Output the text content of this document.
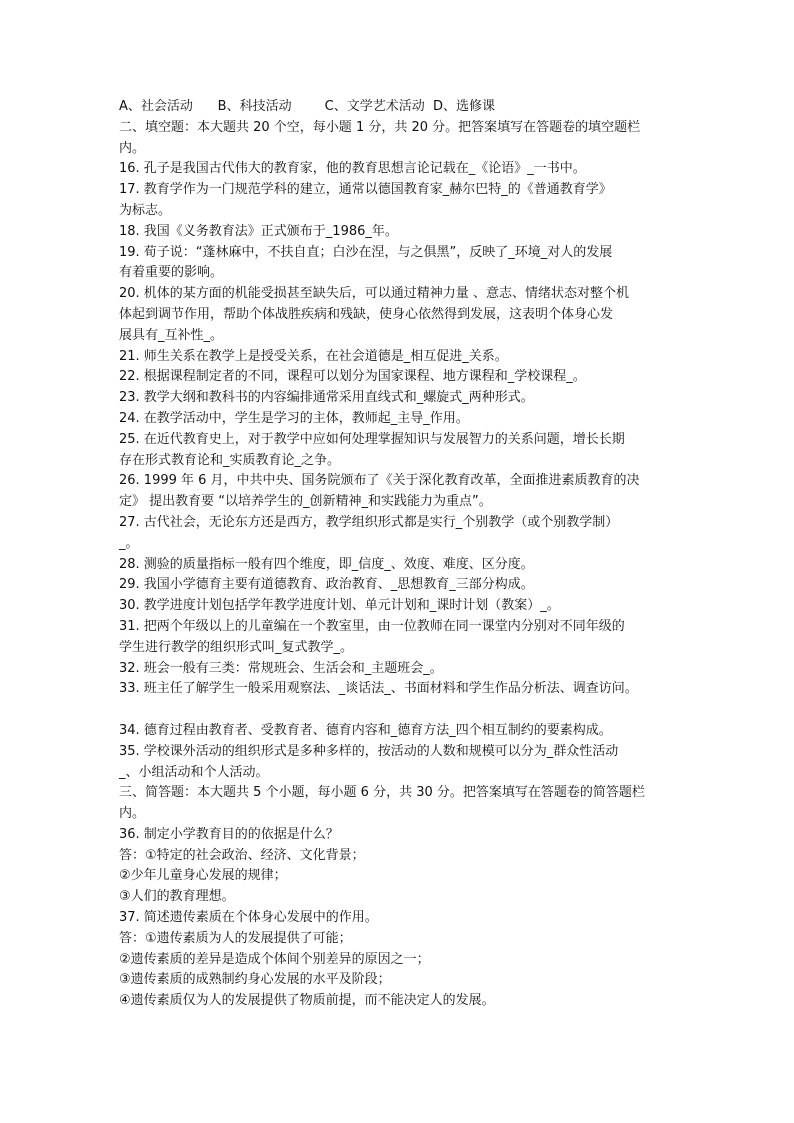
A、社会活动      B、科技活动        C、文学艺术活动  D、选修课
二、填空题：本大题共 20 个空，每小题 1 分，共 20 分。把答案填写在答题卷的填空题栏
内。
16. 孔子是我国古代伟大的教育家，他的教育思想言论记载在_《论语》_一书中。
17. 教育学作为一门规范学科的建立，通常以德国教育家_赫尔巴特_的《普通教育学》
为标志。
18. 我国《义务教育法》正式颁布于_1986_年。
19. 荀子说：“蓬林麻中，不扶自直；白沙在涅，与之俱黑”，反映了_环境_对人的发展
有着重要的影响。
20. 机体的某方面的机能受损甚至缺失后，可以通过精神力量 、意志、情绪状态对整个机
体起到调节作用，帮助个体战胜疾病和残缺，使身心依然得到发展，这表明个体身心发
展具有_互补性_。
21. 师生关系在教学上是授受关系，在社会道德是_相互促进_关系。
22. 根据课程制定者的不同，课程可以划分为国家课程、地方课程和_学校课程_。
23. 教学大纲和教科书的内容编排通常采用直线式和_螺旋式_两种形式。
24. 在教学活动中，学生是学习的主体，教师起_主导_作用。
25. 在近代教育史上，对于教学中应如何处理掌握知识与发展智力的关系问题，增长长期
存在形式教育论和_实质教育论_之争。
26. 1999 年 6 月，中共中央、国务院颁布了《关于深化教育改革，全面推进素质教育的决
定》 提出教育要 “以培养学生的_创新精神_和实践能力为重点”。
27. 古代社会，无论东方还是西方，教学组织形式都是实行_个别教学（或个别教学制）
_。
28. 测验的质量指标一般有四个维度，即_信度_、效度、难度、区分度。
29. 我国小学德育主要有道德教育、政治教育、_思想教育_三部分构成。
30. 教学进度计划包括学年教学进度计划、单元计划和_课时计划（教案）_。
31. 把两个年级以上的儿童编在一个教室里，由一位教师在同一课堂内分别对不同年级的
学生进行教学的组织形式叫_复式教学_。
32. 班会一般有三类：常规班会、生活会和_主题班会_。
33. 班主任了解学生一般采用观察法、_谈话法_、书面材料和学生作品分析法、调查访问。
34. 德育过程由教育者、受教育者、德育内容和_德育方法_四个相互制约的要素构成。
35. 学校课外活动的组织形式是多种多样的，按活动的人数和规模可以分为_群众性活动
_、小组活动和个人活动。
三、简答题：本大题共 5 个小题，每小题 6 分，共 30 分。把答案填写在答题卷的简答题栏
内。
36. 制定小学教育目的的依据是什么？
答：①特定的社会政治、经济、文化背景；
②少年儿童身心发展的规律；
③人们的教育理想。
37. 简述遗传素质在个体身心发展中的作用。
答：①遗传素质为人的发展提供了可能；
②遗传素质的差异是造成个体间个别差异的原因之一；
③遗传素质的成熟制约身心发展的水平及阶段；
④遗传素质仅为人的发展提供了物质前提，而不能决定人的发展。
